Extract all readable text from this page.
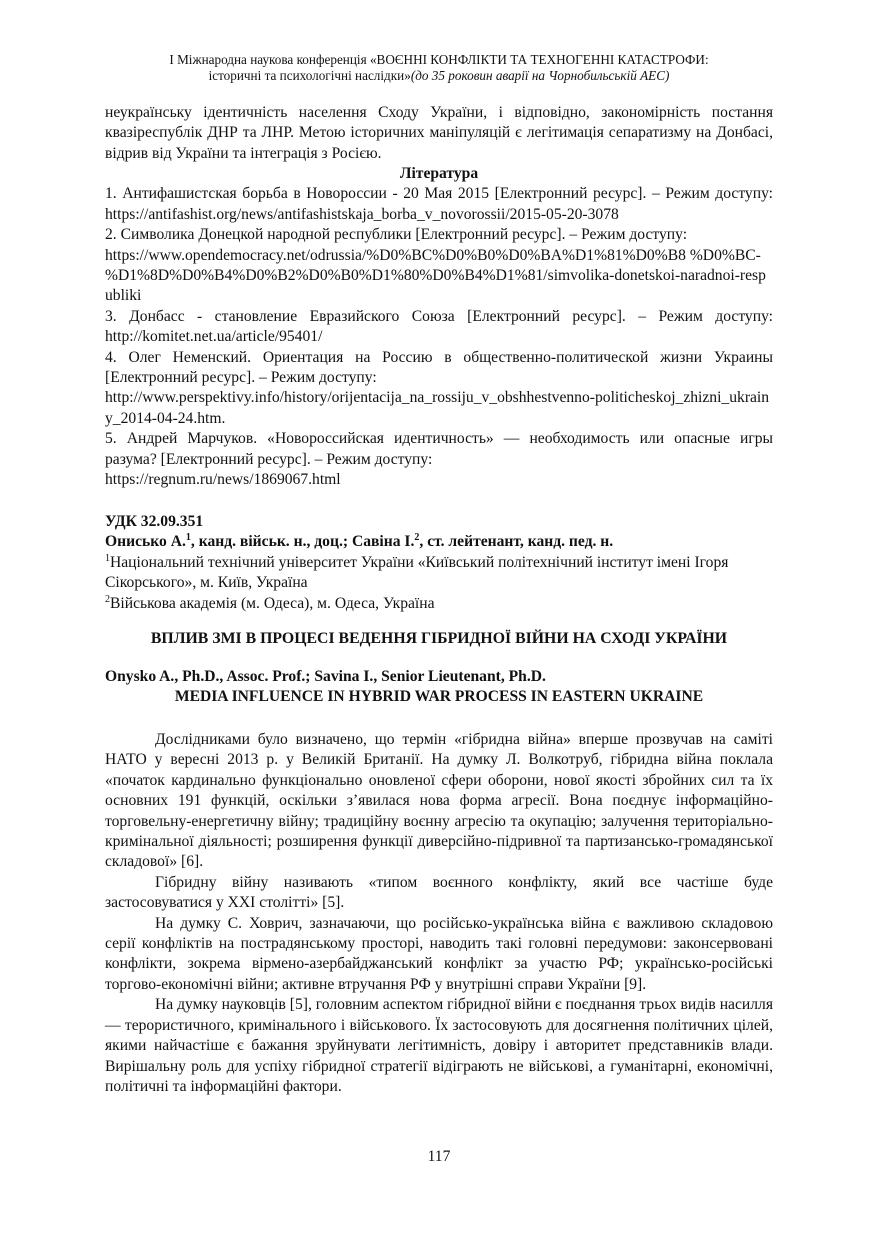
І Міжнародна наукова конференція «ВОЄННІ КОНФЛІКТИ ТА ТЕХНОГЕННІ КАТАСТРОФИ:
історичні та психологічні наслідки»(до 35 роковин аварії на Чорнобильській АЕС)

неукраїнську ідентичність населення Сходу України, і відповідно, закономірність постання квазіреспублік ДНР та ЛНР. Метою історичних маніпуляцій є легітимація сепаратизму на Донбасі, відрив від України та інтеграція з Росією.

Література

1. Антифашистская борьба в Новороссии - 20 Мая 2015 [Електронний ресурс]. – Режим доступу: https://antifashist.org/news/antifashistskaja_borba_v_novorossii/2015-05-20-3078

2. Символика Донецкой народной республики [Електронний ресурс]. – Режим доступу:
https://www.opendemocracy.net/odrussia/%D0%BC%D0%B0%D0%BA%D1%81%D0%B8 %D0%BC-%D1%8D%D0%B4%D0%B2%D0%B0%D1%80%D0%B4%D1%81/simvolika-donetskoi-naradnoi-respubliki

3. Донбасс - становление Евразийского Союза [Електронний ресурс]. – Режим доступу: http://komitet.net.ua/article/95401/

4. Олег Неменский. Ориентация на Россию в общественно-политической жизни Украины [Електронний ресурс]. – Режим доступу:
http://www.perspektivy.info/history/orijentacija_na_rossiju_v_obshhestvenno-politicheskoj_zhizni_ukrainy_2014-04-24.htm.

5. Андрей Марчуков. «Новороссийская идентичность» — необходимость или опасные игры разума? [Електронний ресурс]. – Режим доступу:
https://regnum.ru/news/1869067.html

УДК 32.09.351
Онисько А.$^1$, канд. військ. н., доц.; Савіна І.$^2$, ст. лейтенант, канд. пед. н.
$^1$Національний технічний університет України «Київський політехнічний інститут імені Ігоря Сікорського», м. Київ, Україна
$^2$Військова академія (м. Одеса), м. Одеса, Україна
ВПЛИВ ЗМІ В ПРОЦЕСІ ВЕДЕННЯ ГІБРИДНОЇ ВІЙНИ НА СХОДІ УКРАЇНИ
Onysko A., Ph.D., Assoc. Prof.; Savina I., Senior Lieutenant, Ph.D.
MEDIA INFLUENCE IN HYBRID WAR PROCESS IN EASTERN UKRAINE

Дослідниками було визначено, що термін «гібридна війна» вперше прозвучав на саміті НАТО у вересні 2013 р. у Великій Британії. На думку Л. Волкотруб, гібридна війна поклала «початок кардинально функціонально оновленої сфери оборони, нової якості збройних сил та їх основних 191 функцій, оскільки з’явилася нова форма агресії. Вона поєднує інформаційно-торговельну-енергетичну війну; традиційну воєнну агресію та окупацію; залучення територіально-кримінальної діяльності; розширення функції диверсійно-підривної та партизансько-громадянської складової» [6].

Гібридну війну називають «типом воєнного конфлікту, який все частіше буде застосовуватися у ХХІ столітті» [5].

На думку С. Ховрич, зазначаючи, що російсько-українська війна є важливою складовою серії конфліктів на пострадянському просторі, наводить такі головні передумови: законсервовані конфлікти, зокрема вірмено-азербайджанський конфлікт за участю РФ; українсько-російські торгово-економічні війни; активне втручання РФ у внутрішні справи України [9].

На думку науковців [5], головним аспектом гібридної війни є поєднання трьох видів насилля — терористичного, кримінального і військового. Їх застосовують для досягнення політичних цілей, якими найчастіше є бажання зруйнувати легітимність, довіру і авторитет представників влади. Вирішальну роль для успіху гібридної стратегії відіграють не військові, а гуманітарні, економічні, політичні та інформаційні фактори.

117
